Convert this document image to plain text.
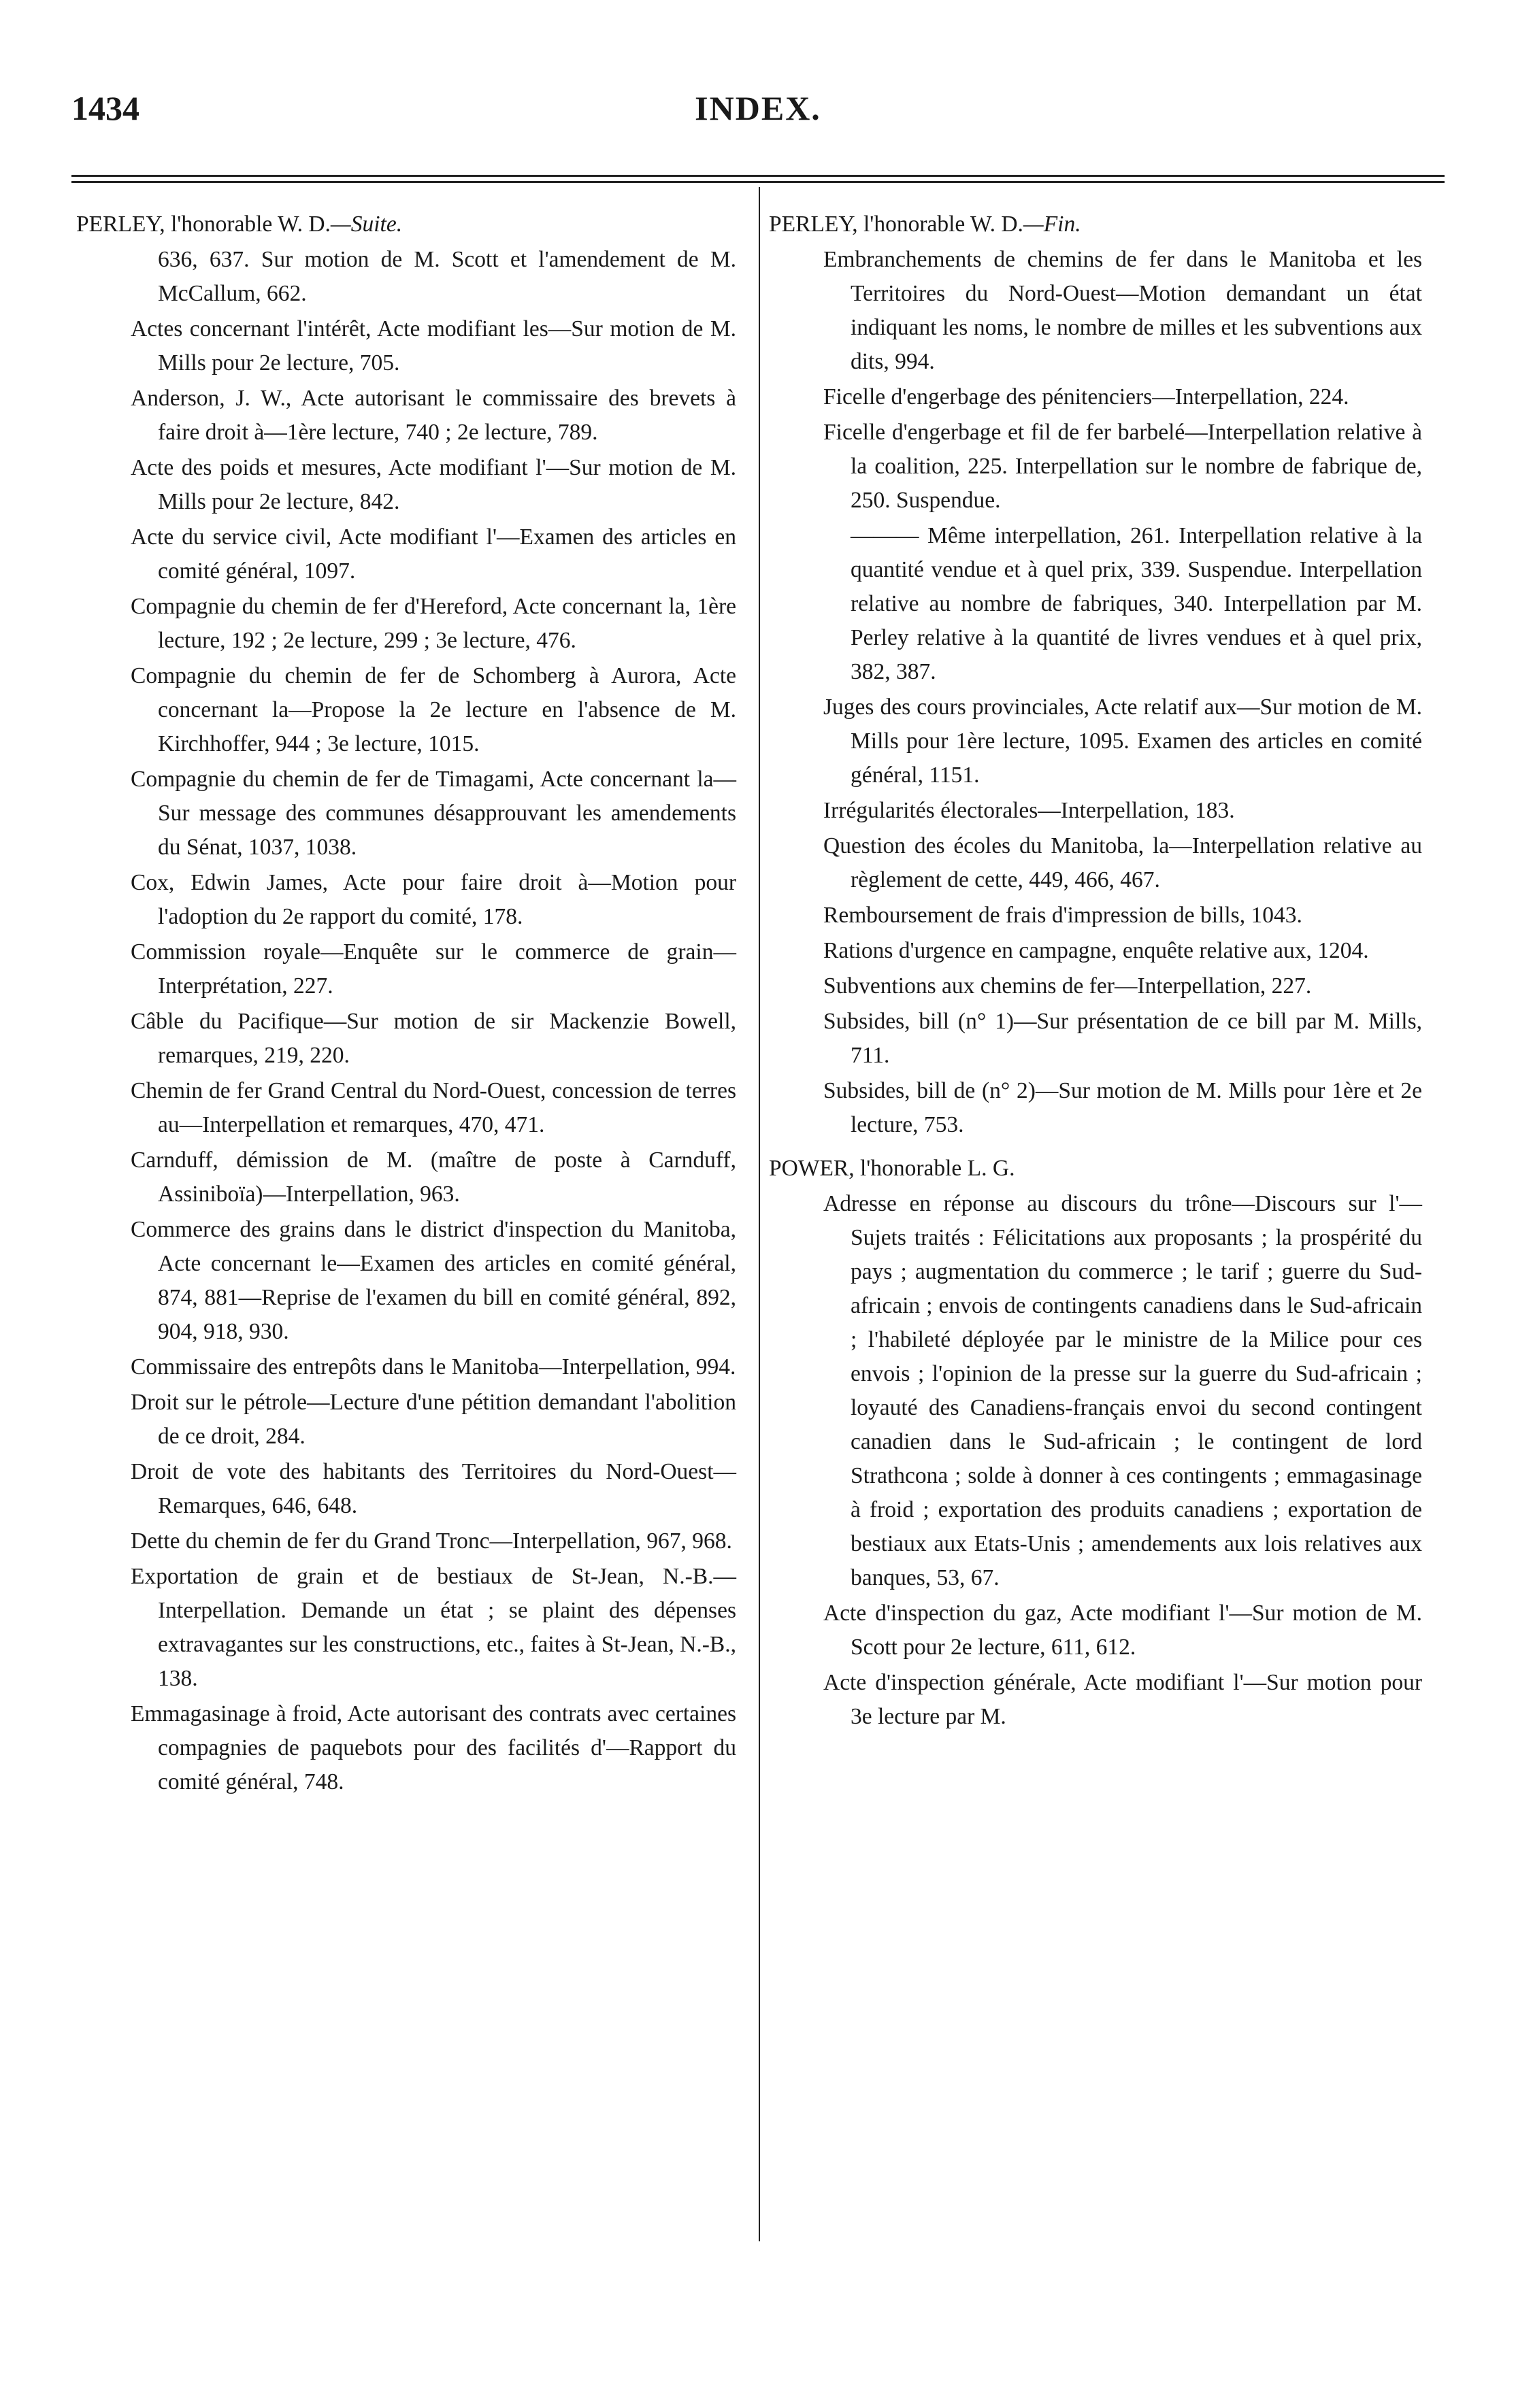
1434	INDEX.
PERLEY, l'honorable W. D.—Suite.
636, 637. Sur motion de M. Scott et l'amendement de M. McCallum, 662.
Actes concernant l'intérêt, Acte modifiant les—Sur motion de M. Mills pour 2e lecture, 705.
Anderson, J. W., Acte autorisant le commissaire des brevets à faire droit à—1ère lecture, 740 ; 2e lecture, 789.
Acte des poids et mesures, Acte modifiant l'—Sur motion de M. Mills pour 2e lecture, 842.
Acte du service civil, Acte modifiant l'—Examen des articles en comité général, 1097.
Compagnie du chemin de fer d'Hereford, Acte concernant la, 1ère lecture, 192 ; 2e lecture, 299 ; 3e lecture, 476.
Compagnie du chemin de fer de Schomberg à Aurora, Acte concernant la—Propose la 2e lecture en l'absence de M. Kirchhoffer, 944 ; 3e lecture, 1015.
Compagnie du chemin de fer de Timagami, Acte concernant la—Sur message des communes désapprouvant les amendements du Sénat, 1037, 1038.
Cox, Edwin James, Acte pour faire droit à—Motion pour l'adoption du 2e rapport du comité, 178.
Commission royale—Enquête sur le commerce de grain—Interprétation, 227.
Câble du Pacifique—Sur motion de sir Mackenzie Bowell, remarques, 219, 220.
Chemin de fer Grand Central du Nord-Ouest, concession de terres au—Interpellation et remarques, 470, 471.
Carnduff, démission de M. (maître de poste à Carnduff, Assiniboïa)—Interpellation, 963.
Commerce des grains dans le district d'inspection du Manitoba, Acte concernant le—Examen des articles en comité général, 874, 881—Reprise de l'examen du bill en comité général, 892, 904, 918, 930.
Commissaire des entrepôts dans le Manitoba—Interpellation, 994.
Droit sur le pétrole—Lecture d'une pétition demandant l'abolition de ce droit, 284.
Droit de vote des habitants des Territoires du Nord-Ouest—Remarques, 646, 648.
Dette du chemin de fer du Grand Tronc—Interpellation, 967, 968.
Exportation de grain et de bestiaux de St-Jean, N.-B.—Interpellation. Demande un état ; se plaint des dépenses extravagantes sur les constructions, etc., faites à St-Jean, N.-B., 138.
Emmagasinage à froid, Acte autorisant des contrats avec certaines compagnies de paquebots pour des facilités d'—Rapport du comité général, 748.
PERLEY, l'honorable W. D.—Fin.
Embranchements de chemins de fer dans le Manitoba et les Territoires du Nord-Ouest—Motion demandant un état indiquant les noms, le nombre de milles et les subventions aux dits, 994.
Ficelle d'engerbage des pénitenciers—Interpellation, 224.
Ficelle d'engerbage et fil de fer barbelé—Interpellation relative à la coalition, 225. Interpellation sur le nombre de fabrique de, 250. Suspendue.
——— Même interpellation, 261. Interpellation relative à la quantité vendue et à quel prix, 339. Suspendue. Interpellation relative au nombre de fabriques, 340. Interpellation par M. Perley relative à la quantité de livres vendues et à quel prix, 382, 387.
Juges des cours provinciales, Acte relatif aux—Sur motion de M. Mills pour 1ère lecture, 1095. Examen des articles en comité général, 1151.
Irrégularités électorales—Interpellation, 183.
Question des écoles du Manitoba, la—Interpellation relative au règlement de cette, 449, 466, 467.
Remboursement de frais d'impression de bills, 1043.
Rations d'urgence en campagne, enquête relative aux, 1204.
Subventions aux chemins de fer—Interpellation, 227.
Subsides, bill (n° 1)—Sur présentation de ce bill par M. Mills, 711.
Subsides, bill de (n° 2)—Sur motion de M. Mills pour 1ère et 2e lecture, 753.
POWER, l'honorable L. G.
Adresse en réponse au discours du trône—Discours sur l'—Sujets traités : Félicitations aux proposants ; la prospérité du pays ; augmentation du commerce ; le tarif ; guerre du Sud-africain ; envois de contingents canadiens dans le Sud-africain ; l'habileté déployée par le ministre de la Milice pour ces envois ; l'opinion de la presse sur la guerre du Sud-africain ; loyauté des Canadiens-français envoi du second contingent canadien dans le Sud-africain ; le contingent de lord Strathcona ; solde à donner à ces contingents ; emmagasinage à froid ; exportation des produits canadiens ; exportation de bestiaux aux Etats-Unis ; amendements aux lois relatives aux banques, 53, 67.
Acte d'inspection du gaz, Acte modifiant l'—Sur motion de M. Scott pour 2e lecture, 611, 612.
Acte d'inspection générale, Acte modifiant l'—Sur motion pour 3e lecture par M.
